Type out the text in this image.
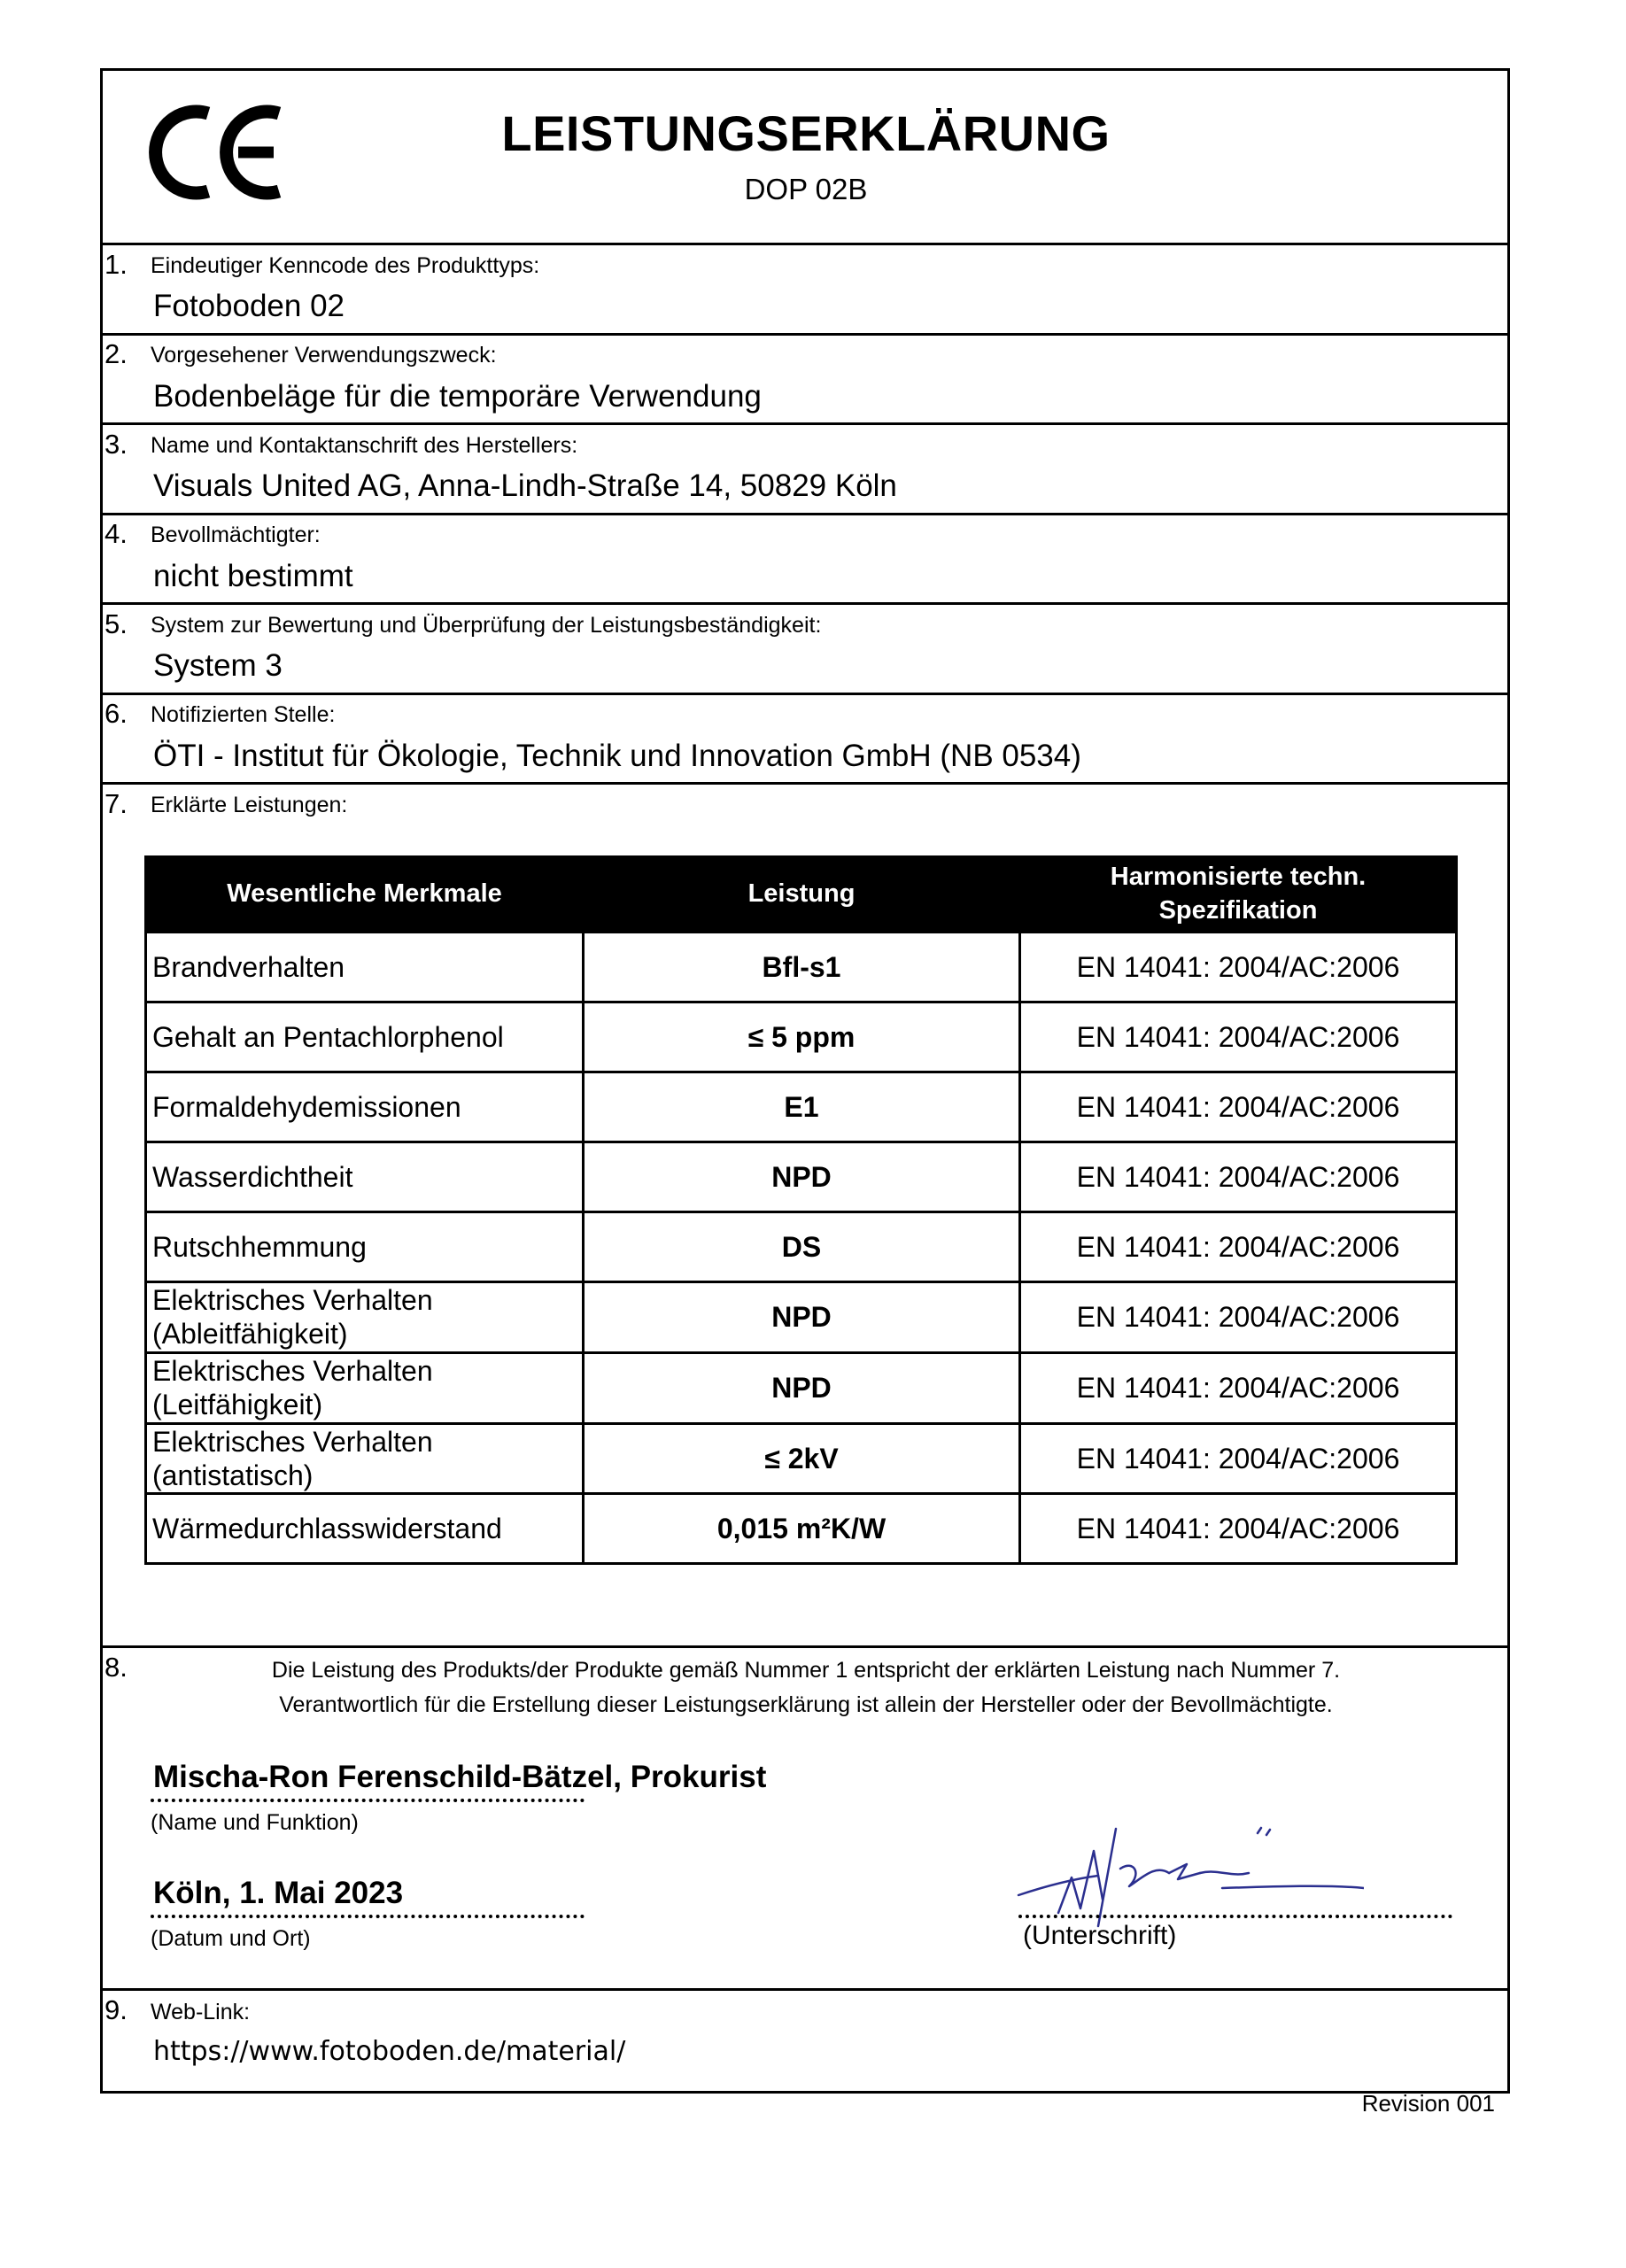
LEISTUNGSERKLÄRUNG
DOP 02B
1. Eindeutiger Kenncode des Produkttyps:
Fotoboden 02
2. Vorgesehener Verwendungszweck:
Bodenbeläge für die temporäre Verwendung
3. Name und Kontaktanschrift des Herstellers:
Visuals United AG, Anna-Lindh-Straße 14, 50829 Köln
4. Bevollmächtigter:
nicht bestimmt
5. System zur Bewertung und Überprüfung der Leistungsbeständigkeit:
System 3
6. Notifizierten Stelle:
ÖTI - Institut für Ökologie, Technik und Innovation GmbH (NB 0534)
7. Erklärte Leistungen:
Wesentliche Merkmale	Leistung	Harmonisierte techn.
Spezifikation
Brandverhalten	Bfl-s1	EN 14041: 2004/AC:2006
Gehalt an Pentachlorphenol	≤ 5 ppm	EN 14041: 2004/AC:2006
Formaldehydemissionen	E1	EN 14041: 2004/AC:2006
Wasserdichtheit	NPD	EN 14041: 2004/AC:2006
Rutschhemmung	DS	EN 14041: 2004/AC:2006
Elektrisches Verhalten
(Ableitfähigkeit)	NPD	EN 14041: 2004/AC:2006
Elektrisches Verhalten
(Leitfähigkeit)	NPD	EN 14041: 2004/AC:2006
Elektrisches Verhalten
(antistatisch)	≤ 2kV	EN 14041: 2004/AC:2006
Wärmedurchlasswiderstand	0,015 m²K/W	EN 14041: 2004/AC:2006
8.	Die Leistung des Produkts/der Produkte gemäß Nummer 1 entspricht der erklärten Leistung nach Nummer 7.
Verantwortlich für die Erstellung dieser Leistungserklärung ist allein der Hersteller oder der Bevollmächtigte.
Mischa-Ron Ferenschild-Bätzel, Prokurist
(Name und Funktion)
Köln, 1. Mai 2023
(Datum und Ort)	(Unterschrift)
9. Web-Link:
https://www.fotoboden.de/material/
Revision 001
